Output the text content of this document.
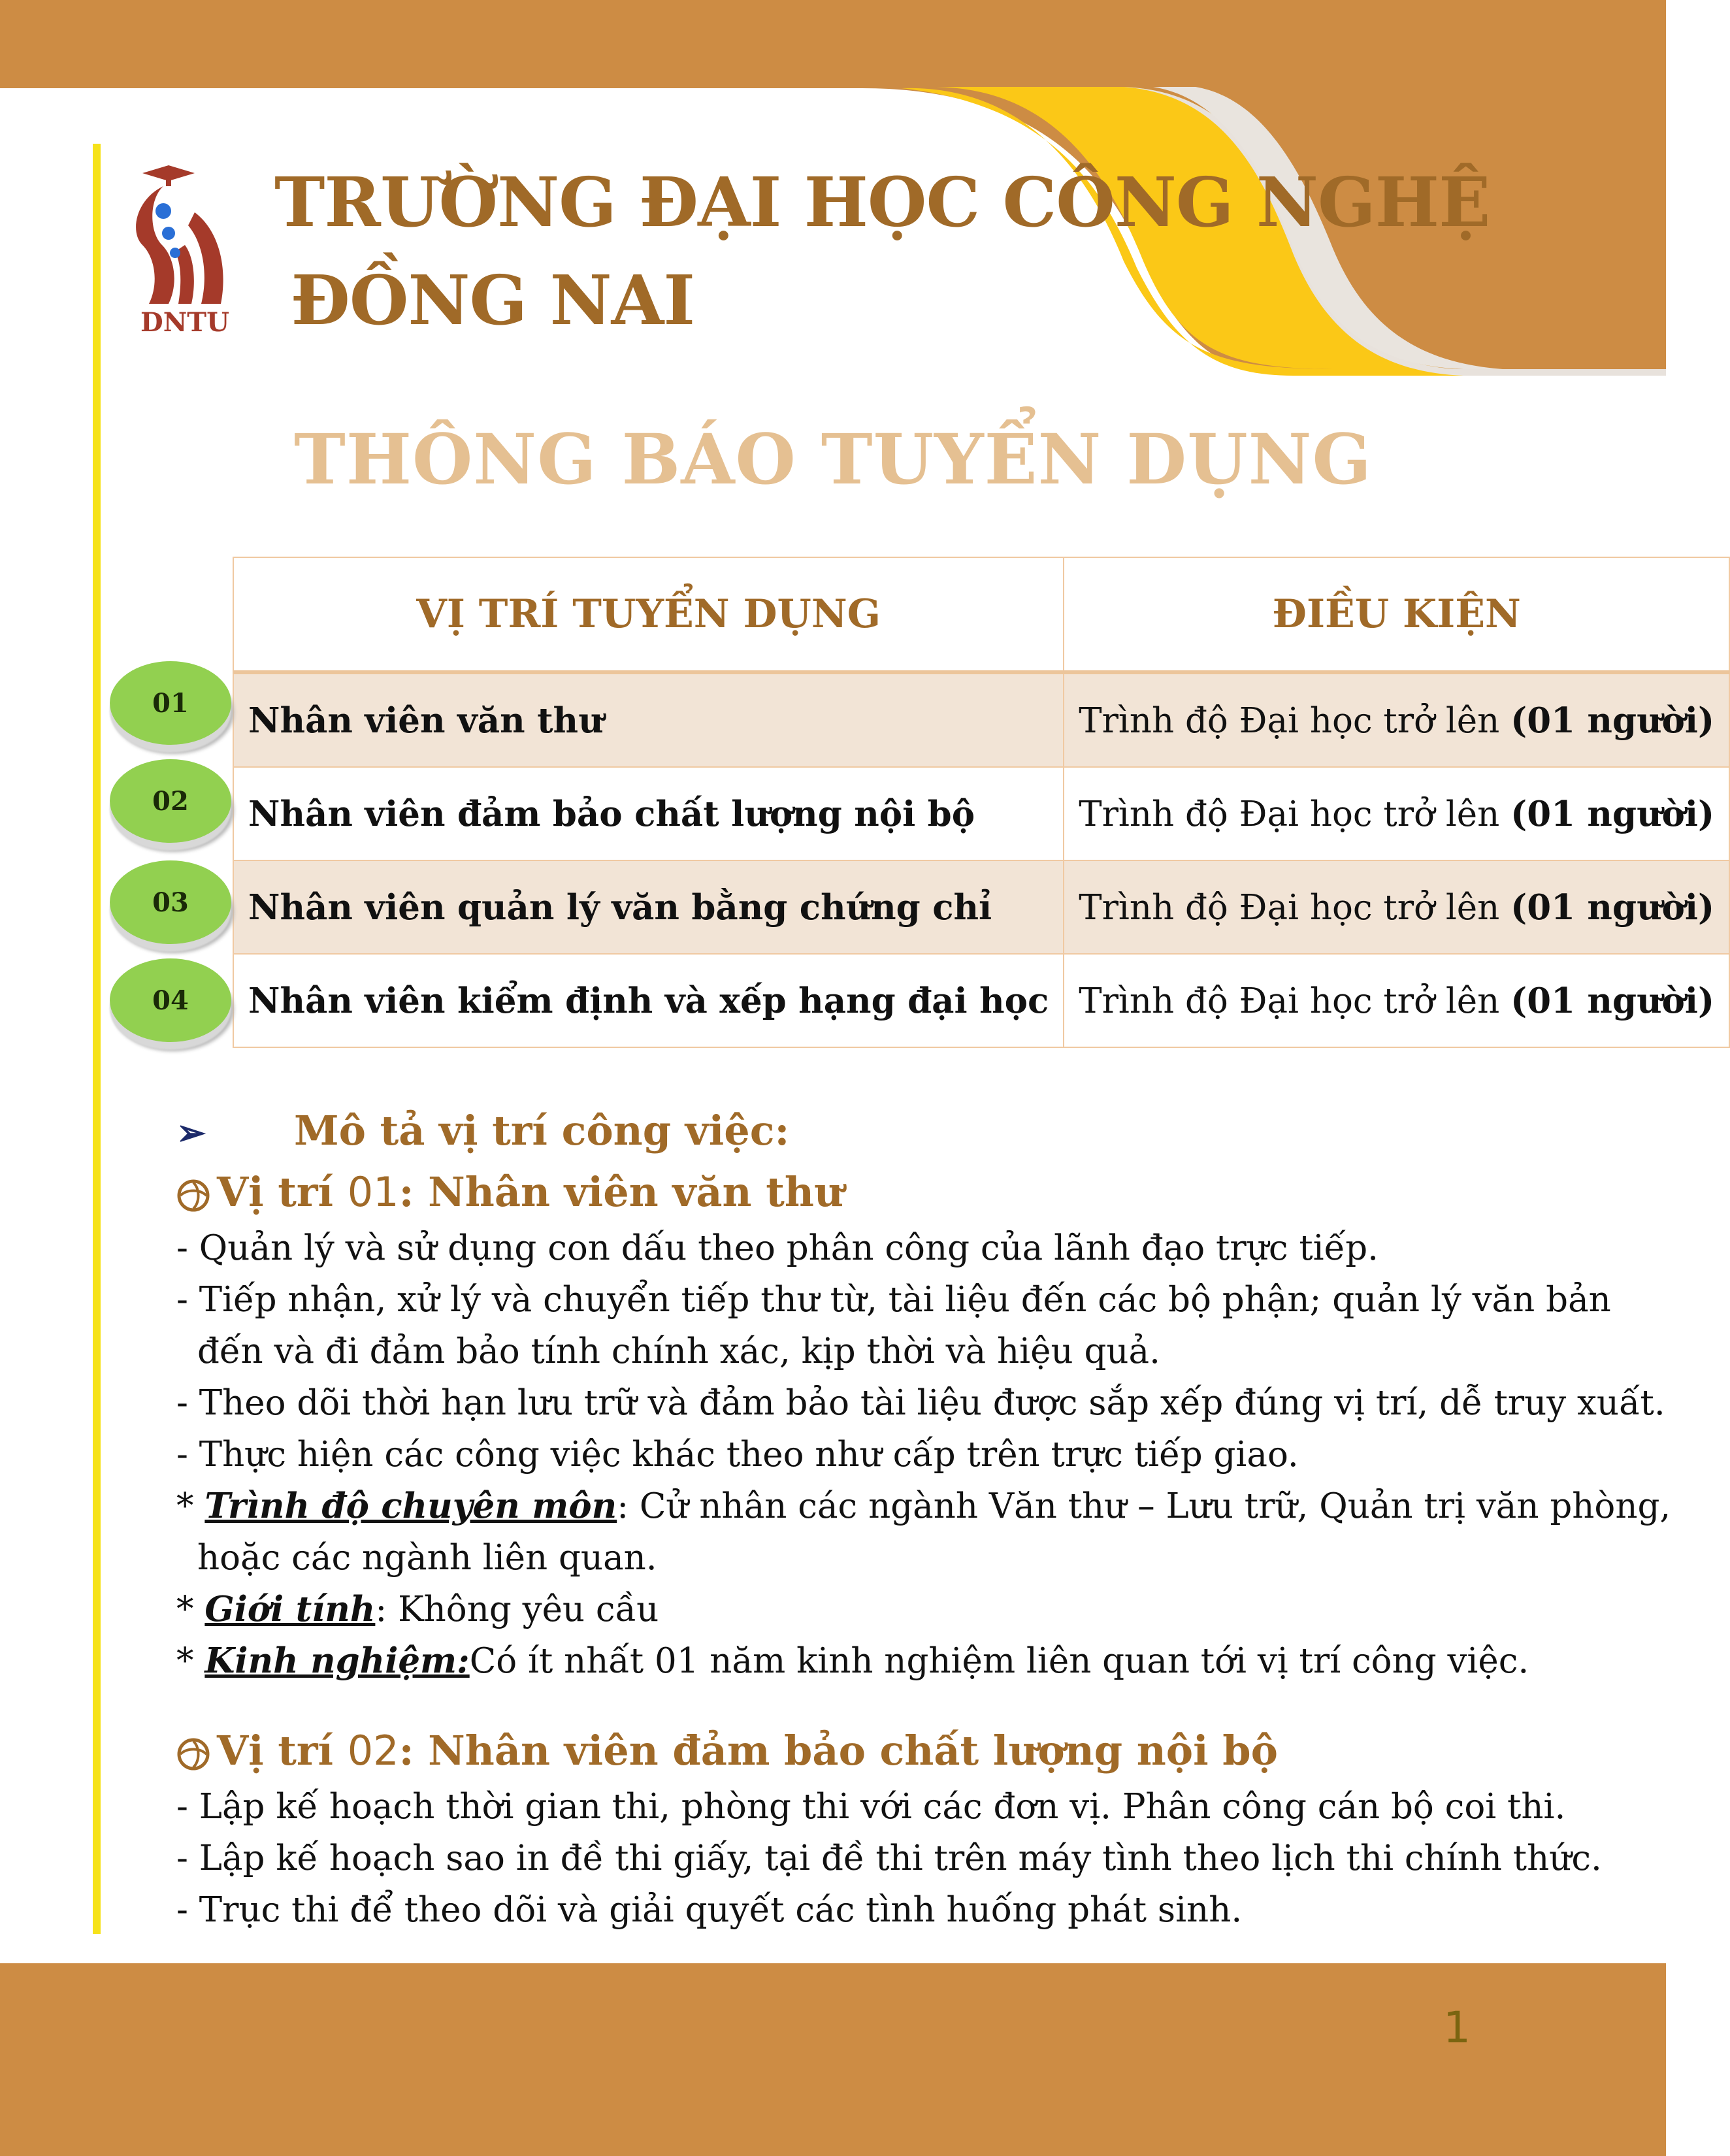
1
DNTU
TRƯỜNG ĐẠI HỌC CÔNG NGHỆ
ĐỒNG NAI
THÔNG BÁO TUYỂN DỤNG
VỊ TRÍ TUYỂN DỤNG	ĐIỀU KIỆN
Nhân viên văn thư	Trình độ Đại học trở lên (01 người)
Nhân viên đảm bảo chất lượng nội bộ	Trình độ Đại học trở lên (01 người)
Nhân viên quản lý văn bằng chứng chỉ	Trình độ Đại học trở lên (01 người)
Nhân viên kiểm định và xếp hạng đại học	Trình độ Đại học trở lên (01 người)
01
02
03
04
➢ Mô tả vị trí công việc:
Vị trí 01: Nhân viên văn thư
- Quản lý và sử dụng con dấu theo phân công của lãnh đạo trực tiếp.
- Tiếp nhận, xử lý và chuyển tiếp thư từ, tài liệu đến các bộ phận; quản lý văn bản
đến và đi đảm bảo tính chính xác, kịp thời và hiệu quả.
- Theo dõi thời hạn lưu trữ và đảm bảo tài liệu được sắp xếp đúng vị trí, dễ truy xuất.
- Thực hiện các công việc khác theo như cấp trên trực tiếp giao.
* Trình độ chuyên môn: Cử nhân các ngành Văn thư – Lưu trữ, Quản trị văn phòng,
hoặc các ngành liên quan.
* Giới tính: Không yêu cầu
* Kinh nghiệm:Có ít nhất 01 năm kinh nghiệm liên quan tới vị trí công việc.
Vị trí 02: Nhân viên đảm bảo chất lượng nội bộ
- Lập kế hoạch thời gian thi, phòng thi với các đơn vị. Phân công cán bộ coi thi.
- Lập kế hoạch sao in đề thi giấy, tại đề thi trên máy tình theo lịch thi chính thức.
- Trục thi để theo dõi và giải quyết các tình huống phát sinh.
